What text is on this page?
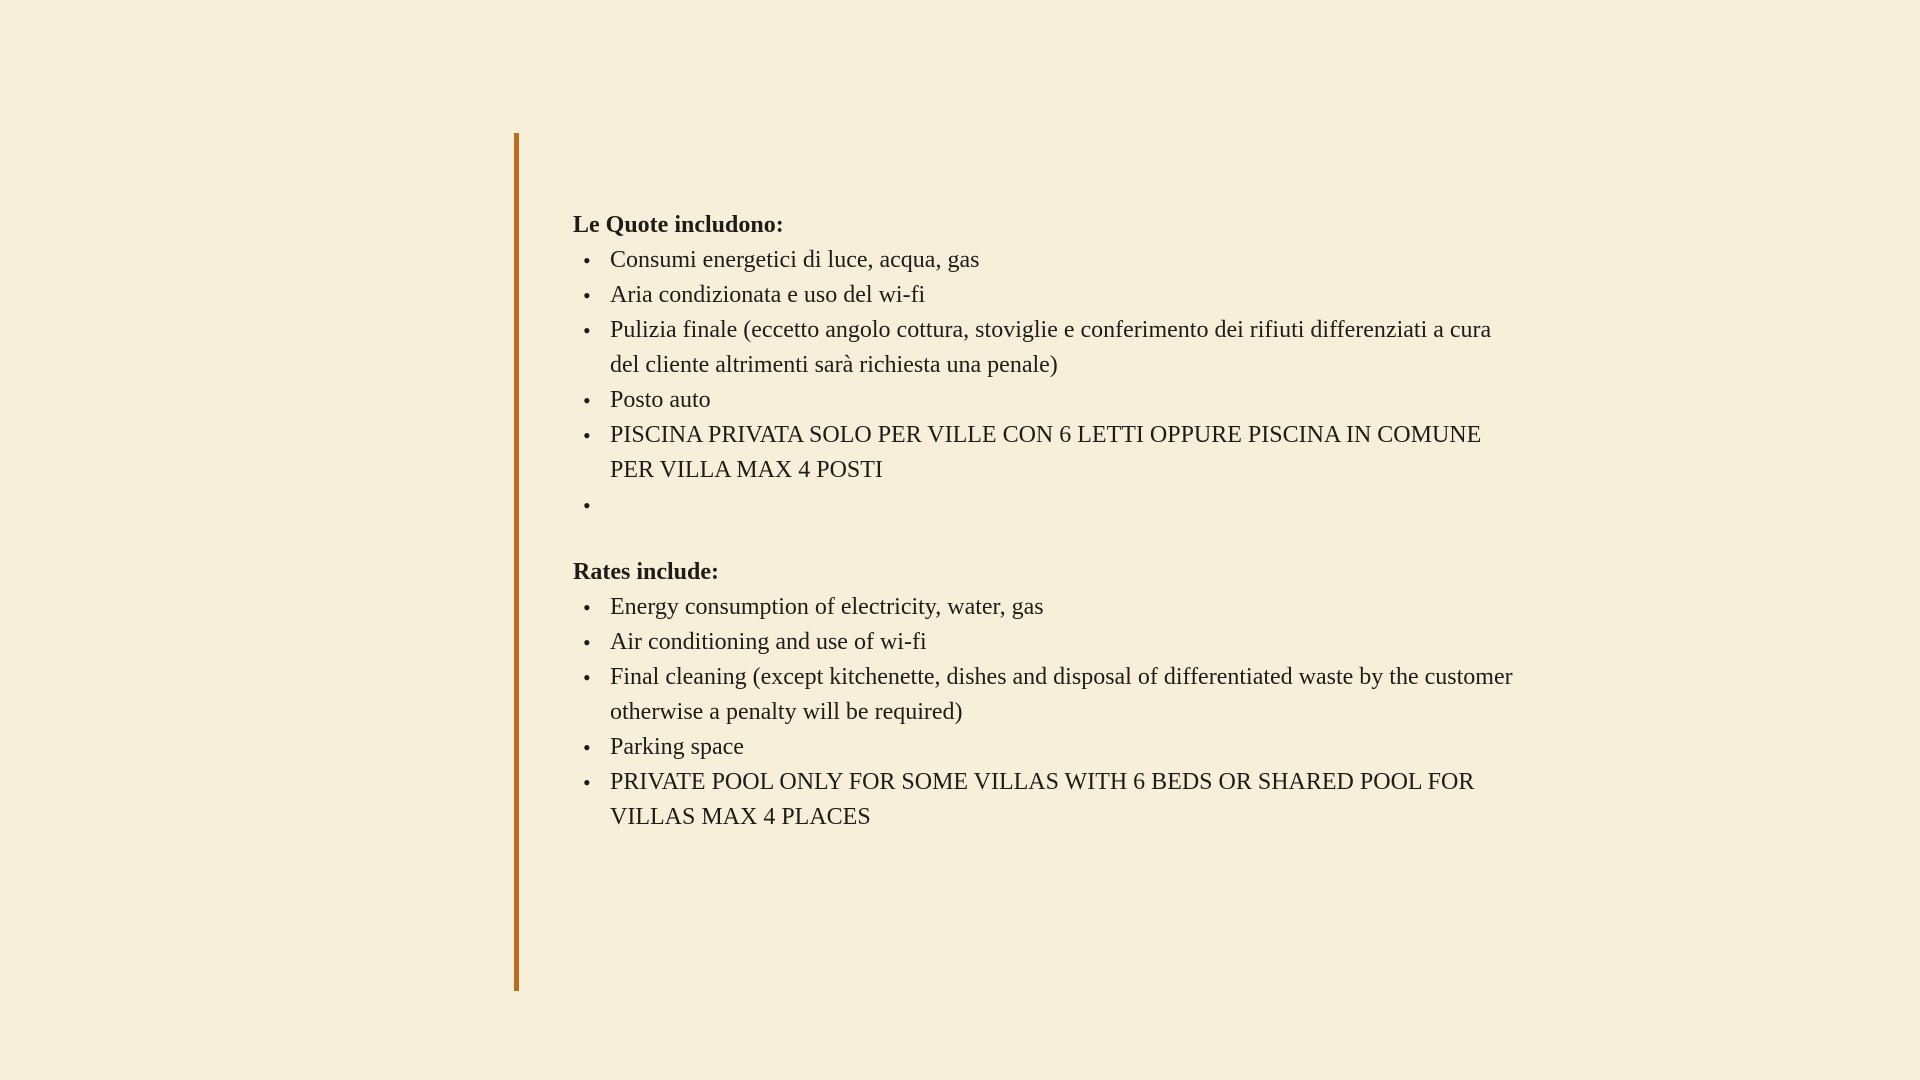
Le Quote includono:

• Consumi energetici di luce, acqua, gas
• Aria condizionata e uso del wi-fi
• Pulizia finale (eccetto angolo cottura, stoviglie e conferimento dei rifiuti differenziati a cura del cliente altrimenti sarà richiesta una penale)
• Posto auto
• PISCINA PRIVATA SOLO PER VILLE CON 6 LETTI OPPURE PISCINA IN COMUNE PER VILLA MAX 4 POSTI
•

Rates include:

• Energy consumption of electricity, water, gas
• Air conditioning and use of wi-fi
• Final cleaning (except kitchenette, dishes and disposal of differentiated waste by the customer otherwise a penalty will be required)
• Parking space
• PRIVATE POOL ONLY FOR SOME VILLAS WITH 6 BEDS OR SHARED POOL FOR VILLAS MAX 4 PLACES
